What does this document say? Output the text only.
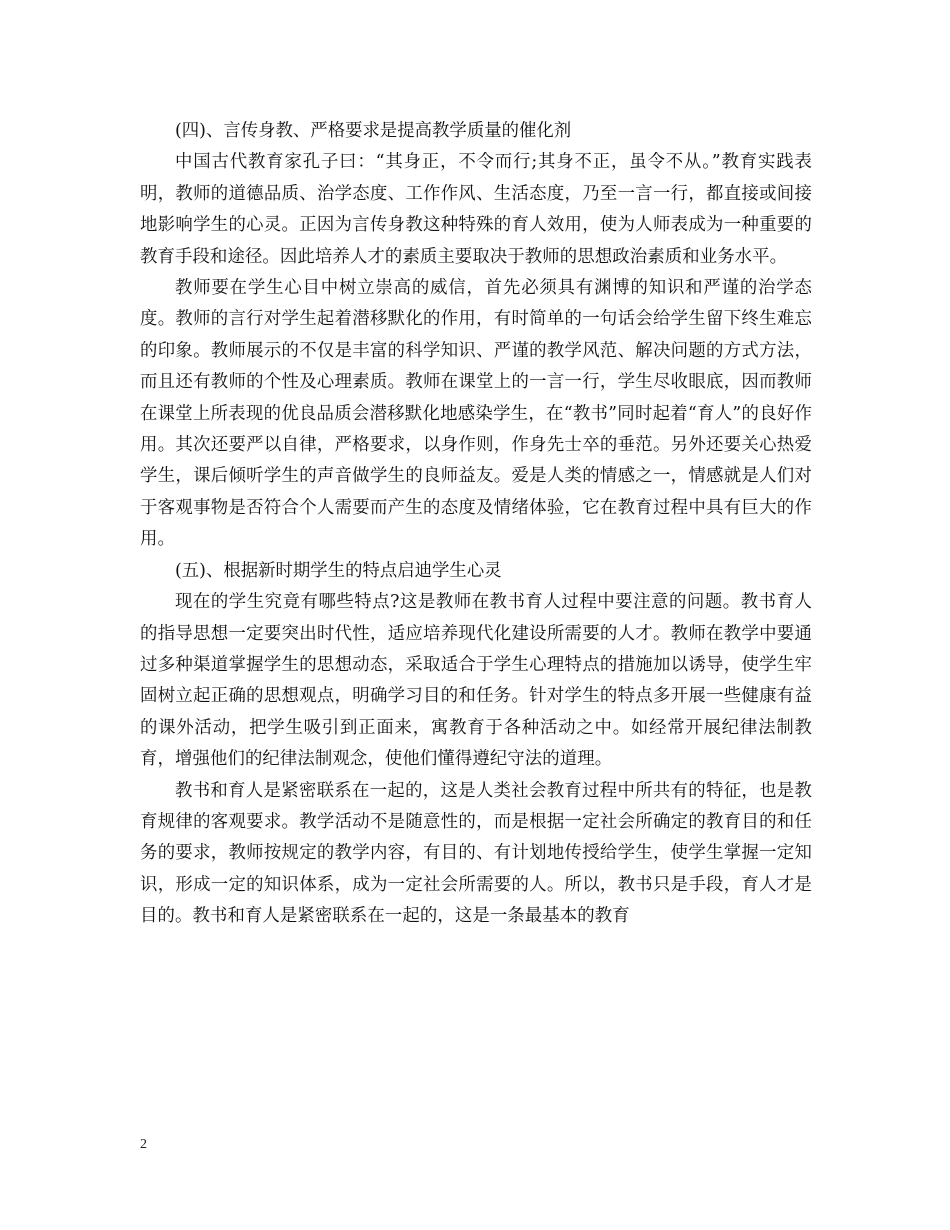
(四)、言传身教、严格要求是提高教学质量的催化剂

中国古代教育家孔子曰：“其身正，不令而行;其身不正，虽令不从。”教育实践表明，教师的道德品质、治学态度、工作作风、生活态度，乃至一言一行，都直接或间接地影响学生的心灵。正因为言传身教这种特殊的育人效用，使为人师表成为一种重要的教育手段和途径。因此培养人才的素质主要取决于教师的思想政治素质和业务水平。

教师要在学生心目中树立崇高的威信，首先必须具有渊博的知识和严谨的治学态度。教师的言行对学生起着潜移默化的作用，有时简单的一句话会给学生留下终生难忘的印象。教师展示的不仅是丰富的科学知识、严谨的教学风范、解决问题的方式方法，而且还有教师的个性及心理素质。教师在课堂上的一言一行，学生尽收眼底，因而教师在课堂上所表现的优良品质会潜移默化地感染学生，在“教书”同时起着“育人”的良好作用。其次还要严以自律，严格要求，以身作则，作身先士卒的垂范。另外还要关心热爱学生，课后倾听学生的声音做学生的良师益友。爱是人类的情感之一，情感就是人们对于客观事物是否符合个人需要而产生的态度及情绪体验，它在教育过程中具有巨大的作用。

(五)、根据新时期学生的特点启迪学生心灵

现在的学生究竟有哪些特点?这是教师在教书育人过程中要注意的问题。教书育人的指导思想一定要突出时代性，适应培养现代化建设所需要的人才。教师在教学中要通过多种渠道掌握学生的思想动态，采取适合于学生心理特点的措施加以诱导，使学生牢固树立起正确的思想观点，明确学习目的和任务。针对学生的特点多开展一些健康有益的课外活动，把学生吸引到正面来，寓教育于各种活动之中。如经常开展纪律法制教育，增强他们的纪律法制观念，使他们懂得遵纪守法的道理。

教书和育人是紧密联系在一起的，这是人类社会教育过程中所共有的特征，也是教育规律的客观要求。教学活动不是随意性的，而是根据一定社会所确定的教育目的和任务的要求，教师按规定的教学内容，有目的、有计划地传授给学生，使学生掌握一定知识，形成一定的知识体系，成为一定社会所需要的人。所以，教书只是手段，育人才是目的。教书和育人是紧密联系在一起的，这是一条最基本的教育

2
